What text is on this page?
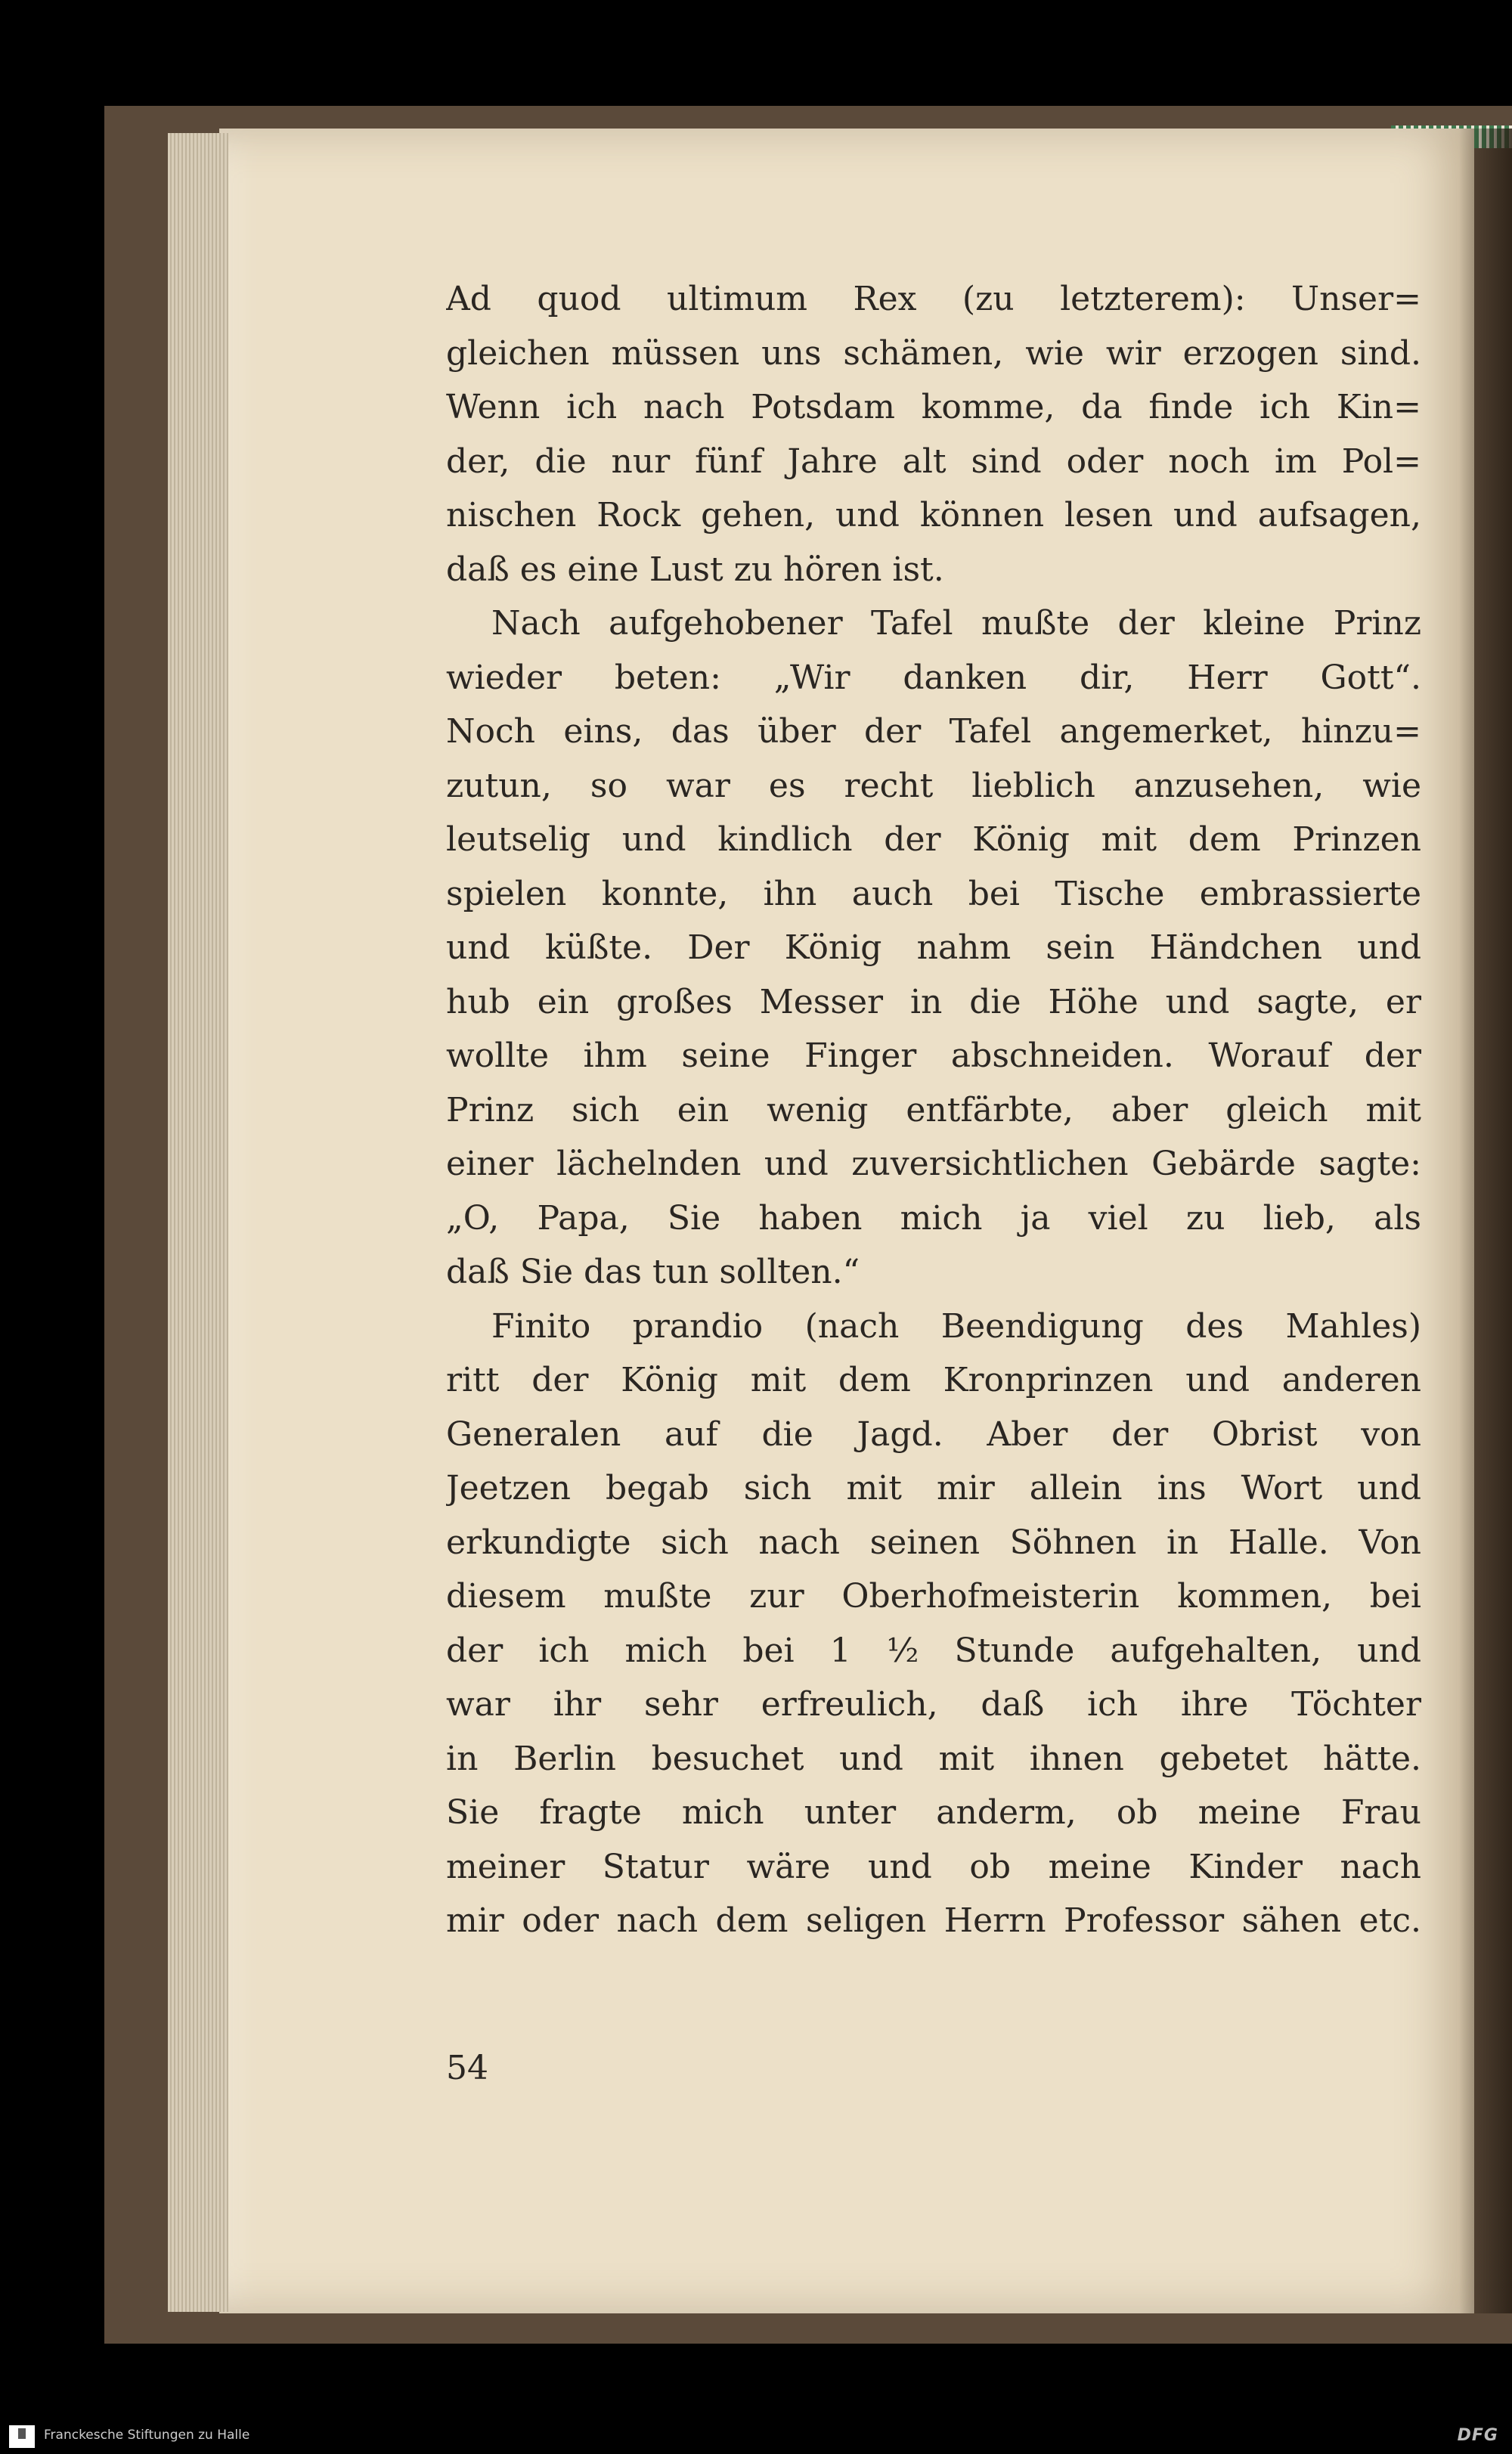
Ad quod ultimum Rex (zu letzterem): Unser=
gleichen müssen uns schämen, wie wir erzogen sind.
Wenn ich nach Potsdam komme, da finde ich Kin=
der, die nur fünf Jahre alt sind oder noch im Pol=
nischen Rock gehen, und können lesen und aufsagen,
daß es eine Lust zu hören ist.
Nach aufgehobener Tafel mußte der kleine Prinz
wieder beten: „Wir danken dir, Herr Gott“.
Noch eins, das über der Tafel angemerket, hinzu=
zutun, so war es recht lieblich anzusehen, wie
leutselig und kindlich der König mit dem Prinzen
spielen konnte, ihn auch bei Tische embrassierte
und küßte. Der König nahm sein Händchen und
hub ein großes Messer in die Höhe und sagte, er
wollte ihm seine Finger abschneiden. Worauf der
Prinz sich ein wenig entfärbte, aber gleich mit
einer lächelnden und zuversichtlichen Gebärde sagte:
„O, Papa, Sie haben mich ja viel zu lieb, als
daß Sie das tun sollten.“
Finito prandio (nach Beendigung des Mahles)
ritt der König mit dem Kronprinzen und anderen
Generalen auf die Jagd. Aber der Obrist von
Jeetzen begab sich mit mir allein ins Wort und
erkundigte sich nach seinen Söhnen in Halle. Von
diesem mußte zur Oberhofmeisterin kommen, bei
der ich mich bei 1 ½ Stunde aufgehalten, und
war ihr sehr erfreulich, daß ich ihre Töchter
in Berlin besuchet und mit ihnen gebetet hätte.
Sie fragte mich unter anderm, ob meine Frau
meiner Statur wäre und ob meine Kinder nach
mir oder nach dem seligen Herrn Professor sähen etc.
54
Franckesche Stiftungen zu Halle	DFG
